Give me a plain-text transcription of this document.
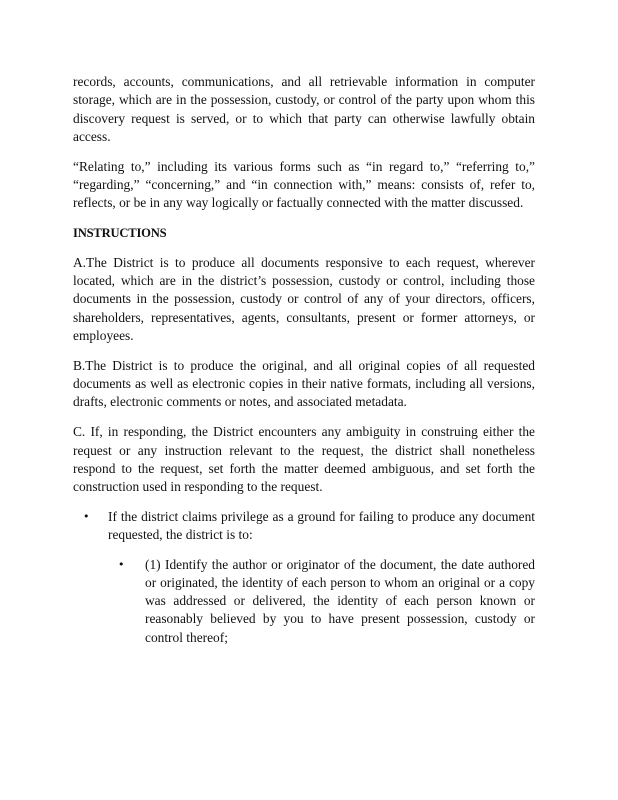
records, accounts, communications, and all retrievable information in computer storage, which are in the possession, custody, or control of the party upon whom this discovery request is served, or to which that party can otherwise lawfully obtain access.

“Relating to,” including its various forms such as “in regard to,” “referring to,” “regarding,” “concerning,” and “in connection with,” means: consists of, refer to, reflects, or be in any way logically or factually connected with the matter discussed.

INSTRUCTIONS

A.The District is to produce all documents responsive to each request, wherever located, which are in the district’s possession, custody or control, including those documents in the possession, custody or control of any of your directors, officers, shareholders, representatives, agents, consultants, present or former attorneys, or employees.

B.The District is to produce the original, and all original copies of all requested documents as well as electronic copies in their native formats, including all versions, drafts, electronic comments or notes, and associated metadata.

C. If, in responding, the District encounters any ambiguity in construing either the request or any instruction relevant to the request, the district shall nonetheless respond to the request, set forth the matter deemed ambiguous, and set forth the construction used in responding to the request.

• If the district claims privilege as a ground for failing to produce any document requested, the district is to:
• (1) Identify the author or originator of the document, the date authored or originated, the identity of each person to whom an original or a copy was addressed or delivered, the identity of each person known or reasonably believed by you to have present possession, custody or control thereof;
